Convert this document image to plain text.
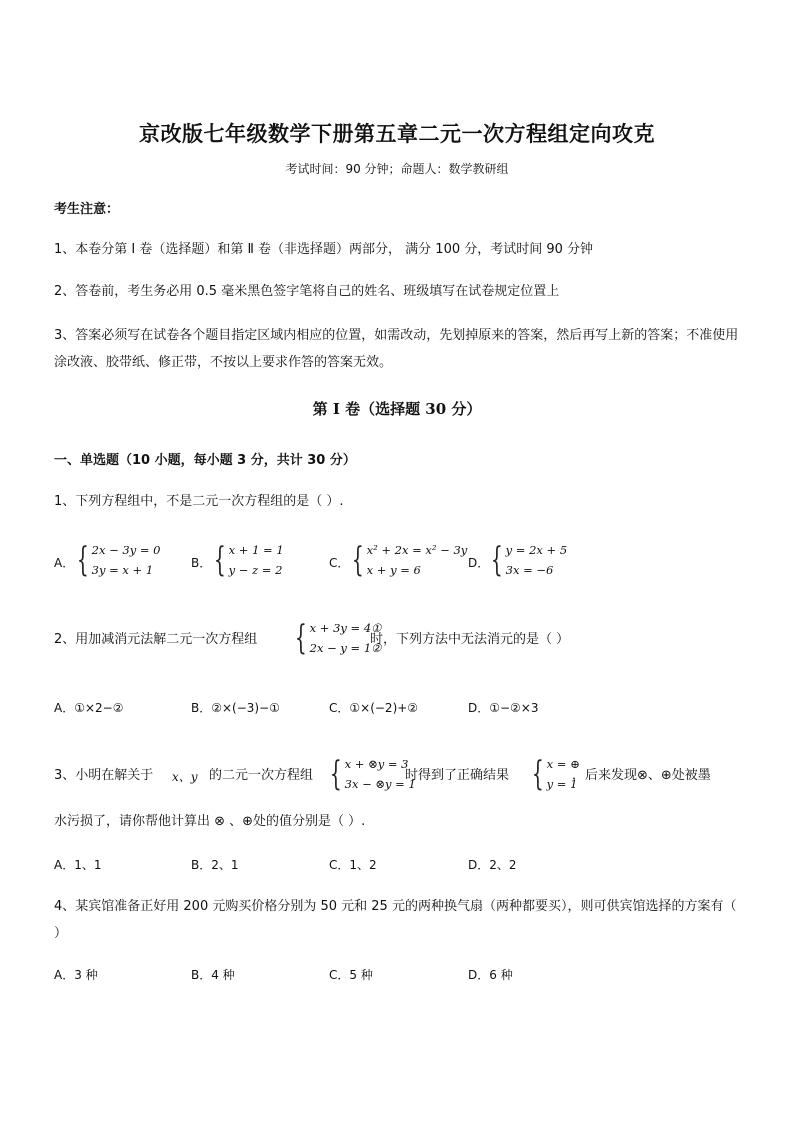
京改版七年级数学下册第五章二元一次方程组定向攻克
考试时间：90 分钟；命题人：数学教研组
考生注意：
1、本卷分第 Ⅰ 卷（选择题）和第 Ⅱ 卷（非选择题）两部分， 满分 100 分，考试时间 90 分钟
2、答卷前，考生务必用 0.5 毫米黑色签字笔将自己的姓名、班级填写在试卷规定位置上
3、答案必须写在试卷各个题目指定区域内相应的位置，如需改动，先划掉原来的答案，然后再写上新的答案；不准使用涂改液、胶带纸、修正带，不按以上要求作答的答案无效。
第 Ⅰ 卷（选择题 30 分）
一、单选题（10 小题，每小题 3 分，共计 30 分）
1、下列方程组中，不是二元一次方程组的是（ ）.
A． { 2x − 3y = 0
3y = x + 1	B． { x + 1 = 1
y − z = 2	C． { x² + 2x = x² − 3y
x + y = 6	D． { y = 2x + 5
3x = −6
2、用加减消元法解二元一次方程组 { x + 3y = 4①
2x − y = 1②
时，下列方法中无法消元的是（ ）
A．①×2−②	B．②×(−3)−①	C．①×(−2)+②	D．①−②×3
3、小明在解关于 x、y 的二元一次方程组 { x + ⊗y = 3
3x − ⊗y = 1
时得到了正确结果 { x = ⊕
y = 1
．后来发现⊗、⊕处被墨
水污损了，请你帮他计算出 ⊗ 、⊕处的值分别是（ ）.
A．1、1	B．2、1	C．1、2	D．2、2
4、某宾馆准备正好用 200 元购买价格分别为 50 元和 25 元的两种换气扇（两种都要买），则可供宾馆选择的方案有（ ）
A．3 种	B．4 种	C．5 种	D．6 种
